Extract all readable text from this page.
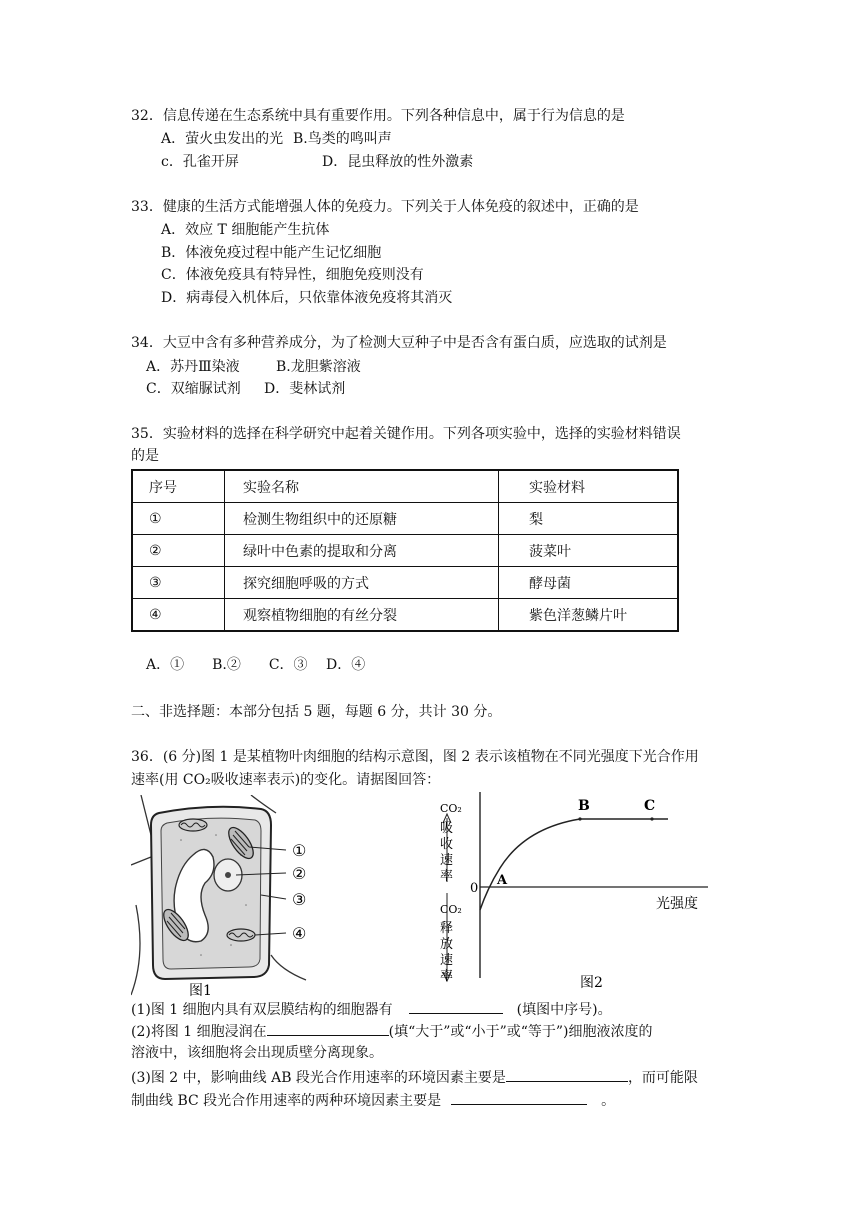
32．信息传递在生态系统中具有重要作用。下列各种信息中，属于行为信息的是
A．萤火虫发出的光 B.鸟类的鸣叫声
c．孔雀开屏	D．昆虫释放的性外激素
33．健康的生活方式能增强人体的免疫力。下列关于人体免疫的叙述中，正确的是
A．效应 T 细胞能产生抗体
B．体液免疫过程中能产生记忆细胞
C．体液免疫具有特异性，细胞免疫则没有
D．病毒侵入机体后，只依靠体液免疫将其消灭
34．大豆中含有多种营养成分，为了检测大豆种子中是否含有蛋白质，应选取的试剂是
A．苏丹Ⅲ染液	B.龙胆紫溶液
C．双缩脲试剂 D．斐林试剂
35．实验材料的选择在科学研究中起着关键作用。下列各项实验中，选择的实验材料错误
的是
序号	实验名称	实验材料
①	检测生物组织中的还原糖	梨
②	绿叶中色素的提取和分离	菠菜叶
③	探究细胞呼吸的方式	酵母菌
④	观察植物细胞的有丝分裂	紫色洋葱鳞片叶
A．①　　B.②　　C．③　 D．④
二、非选择题：本部分包括 5 题，每题 6 分，共计 30 分。
36．(6 分)图 1 是某植物叶肉细胞的结构示意图，图 2 表示该植物在不同光强度下光合作用
速率(用 CO₂吸收速率表示)的变化。请据图回答：
①
②
③
④
图1
CO₂
吸
收
速
率
0
CO₂
释
放
速
率
A
B	C
光强度
图2
(1)图 1 细胞内具有双层膜结构的细胞器有	(填图中序号)。
(2)将图 1 细胞浸润在	(填“大于”或“小于”或“等于”)细胞液浓度的
溶液中，该细胞将会出现质壁分离现象。
(3)图 2 中，影响曲线 AB 段光合作用速率的环境因素主要是	，而可能限
制曲线 BC 段光合作用速率的两种环境因素主要是	。
